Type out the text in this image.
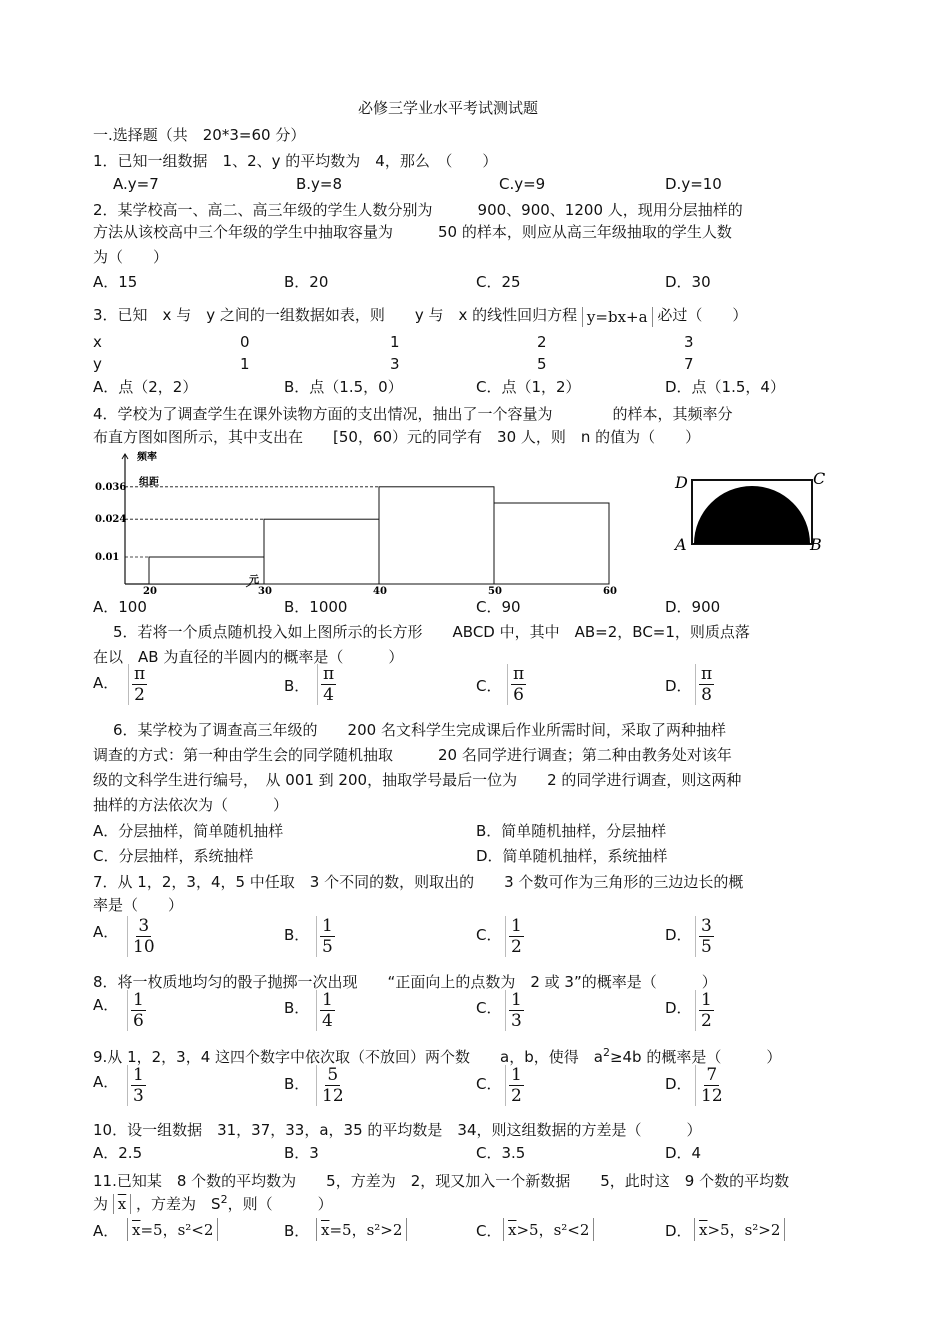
必修三学业水平考试测试题
一.选择题（共　20*3=60 分）
1．已知一组数据　1、2、y 的平均数为　4，那么　（　　）
A.y=7	B.y=8	C.y=9	D.y=10
2．某学校高一、高二、高三年级的学生人数分别为　　　900、900、1200 人，现用分层抽样的
方法从该校高中三个年级的学生中抽取容量为　　　50 的样本，则应从高三年级抽取的学生人数
为（　　）
A．15	B．20	C．25	D．30
3．已知　x 与　y 之间的一组数据如表，则　　y 与　x 的线性回归方程 y=bx+a 必过（　　）
x	0	1	2	3
y	1	3	5	7
A．点（2，2）	B．点（1.5，0）	C．点（1，2）	D．点（1.5，4）
4．学校为了调查学生在课外读物方面的支出情况，抽出了一个容量为　　　　的样本，其频率分
布直方图如图所示，其中支出在　　[50，60）元的同学有　30 人，则　n 的值为（　　）
20	30	40	50	60
0.01
0.024
0.036
频率
组距
元
D	C
A	B
A．100	B．1000	C．90	D．900
5．若将一个质点随机投入如上图所示的长方形　　ABCD 中，其中　AB=2，BC=1，则质点落
在以　AB 为直径的半圆内的概率是（　　　）
A． $\frac{\pi}{2}$	B． $\frac{\pi}{4}$	C． $\frac{\pi}{6}$	D． $\frac{\pi}{8}$
6．某学校为了调查高三年级的　　200 名文科学生完成课后作业所需时间，采取了两种抽样
调查的方式：第一种由学生会的同学随机抽取　　　20 名同学进行调查；第二种由教务处对该年
级的文科学生进行编号，　从 001 到 200，抽取学号最后一位为　　2 的同学进行调查，则这两种
抽样的方法依次为（　　　）
A．分层抽样，简单随机抽样	B．简单随机抽样，分层抽样
C．分层抽样，系统抽样	D．简单随机抽样，系统抽样
7．从 1，2，3，4，5 中任取　3 个不同的数，则取出的　　3 个数可作为三角形的三边边长的概
率是（　　）
A． $\frac{3}{10}$	B． $\frac{1}{5}$	C． $\frac{1}{2}$	D． $\frac{3}{5}$
8．将一枚质地均匀的骰子抛掷一次出现　　“正面向上的点数为　2 或 3”的概率是（　　　）
A． $\frac{1}{6}$	B． $\frac{1}{4}$	C． $\frac{1}{3}$	D． $\frac{1}{2}$
9.从 1，2，3，4 这四个数字中依次取（不放回）两个数　　a，b，使得　$a^2\ge 4b$ 的概率是（　　　）
A． $\frac{1}{3}$	B． $\frac{5}{12}$	C． $\frac{1}{2}$	D． $\frac{7}{12}$
10．设一组数据　31，37，33，a，35 的平均数是　34，则这组数据的方差是（　　　）
A．2.5	B．3	C．3.5	D．4
11.已知某　8 个数的平均数为　　5，方差为　2，现又加入一个新数据　　5，此时这　9 个数的平均数
为 $\overline{x}$ ，方差为　$S^2$，则（　　　）
A． $\overline{x}=5$，s²<2	B． $\overline{x}=5$，s²>2	C． $\overline{x}>5$，s²<2	D． $\overline{x}>5$，s²>2
